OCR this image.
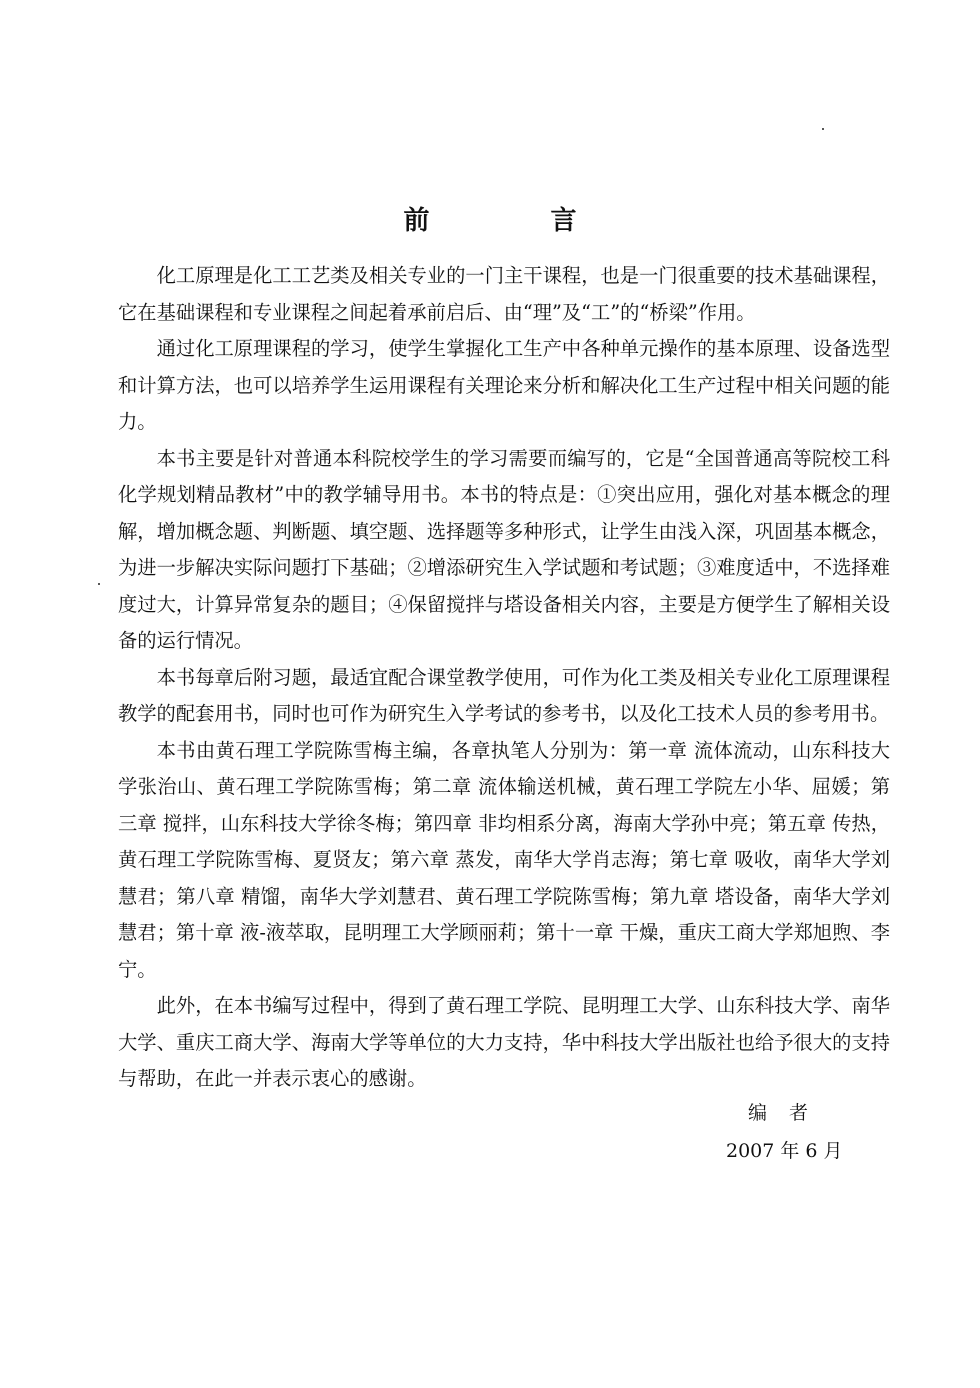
前 言

化工原理是化工工艺类及相关专业的一门主干课程，也是一门很重要的技术基础课程，它在基础课程和专业课程之间起着承前启后、由“理”及“工”的“桥梁”作用。

通过化工原理课程的学习，使学生掌握化工生产中各种单元操作的基本原理、设备选型和计算方法，也可以培养学生运用课程有关理论来分析和解决化工生产过程中相关问题的能力。

本书主要是针对普通本科院校学生的学习需要而编写的，它是“全国普通高等院校工科化学规划精品教材”中的教学辅导用书。本书的特点是：①突出应用，强化对基本概念的理解，增加概念题、判断题、填空题、选择题等多种形式，让学生由浅入深，巩固基本概念，为进一步解决实际问题打下基础；②增添研究生入学试题和考试题；③难度适中，不选择难度过大，计算异常复杂的题目；④保留搅拌与塔设备相关内容，主要是方便学生了解相关设备的运行情况。

本书每章后附习题，最适宜配合课堂教学使用，可作为化工类及相关专业化工原理课程教学的配套用书，同时也可作为研究生入学考试的参考书，以及化工技术人员的参考用书。

本书由黄石理工学院陈雪梅主编，各章执笔人分别为：第一章 流体流动，山东科技大学张治山、黄石理工学院陈雪梅；第二章 流体输送机械，黄石理工学院左小华、屈媛；第三章 搅拌，山东科技大学徐冬梅；第四章 非均相系分离，海南大学孙中亮；第五章 传热，黄石理工学院陈雪梅、夏贤友；第六章 蒸发，南华大学肖志海；第七章 吸收，南华大学刘慧君；第八章 精馏，南华大学刘慧君、黄石理工学院陈雪梅；第九章 塔设备，南华大学刘慧君；第十章 液-液萃取，昆明理工大学顾丽莉；第十一章 干燥，重庆工商大学郑旭煦、李宁。

此外，在本书编写过程中，得到了黄石理工学院、昆明理工大学、山东科技大学、南华大学、重庆工商大学、海南大学等单位的大力支持，华中科技大学出版社也给予很大的支持与帮助，在此一并表示衷心的感谢。

编者
2007 年 6 月
